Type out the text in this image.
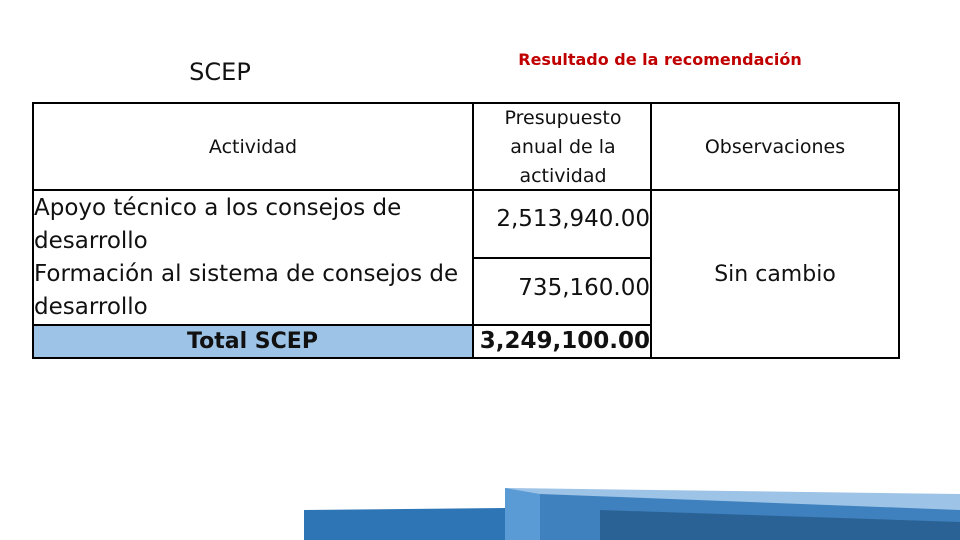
SCEP	Resultado de la recomendación
Actividad
Presupuesto
anual de la
actividad
Observaciones
Apoyo técnico a los consejos de desarrollo
Formación al sistema de consejos de desarrollo
2,513,940.00
735,160.00
Total SCEP	3,249,100.00
Sin cambio
